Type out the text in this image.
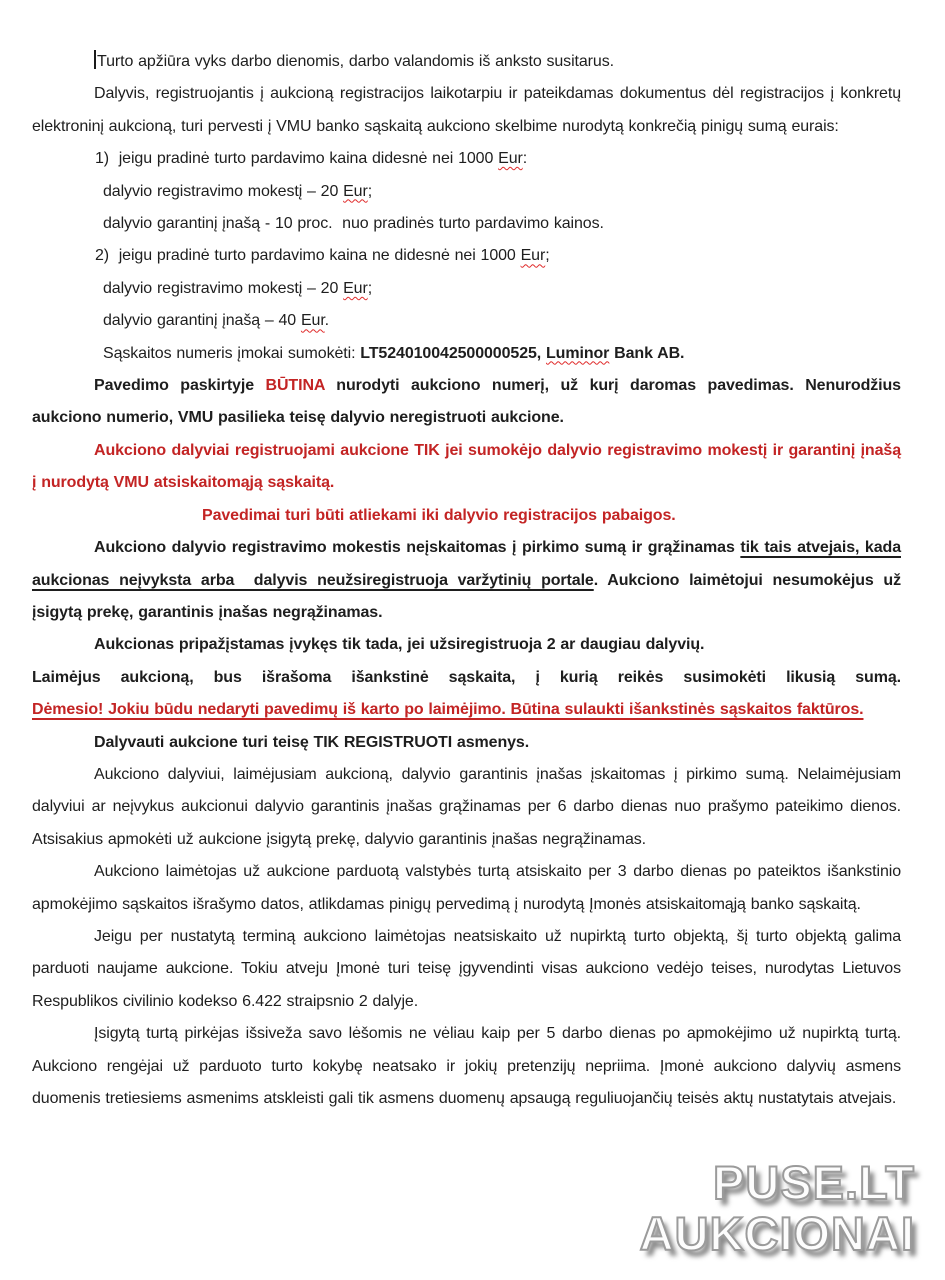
Turto apžiūra vyks darbo dienomis, darbo valandomis iš anksto susitarus.

Dalyvis, registruojantis į aukcioną registracijos laikotarpiu ir pateikdamas dokumentus dėl registracijos į konkretų elektroninį aukcioną, turi pervesti į VMU banko sąskaitą aukciono skelbime nurodytą konkrečią pinigų sumą eurais:

1)  jeigu pradinė turto pardavimo kaina didesnė nei 1000 Eur:

dalyvio registravimo mokestį – 20 Eur;

dalyvio garantinį įnašą - 10 proc.  nuo pradinės turto pardavimo kainos.

2)  jeigu pradinė turto pardavimo kaina ne didesnė nei 1000 Eur;

dalyvio registravimo mokestį – 20 Eur;

dalyvio garantinį įnašą – 40 Eur.

Sąskaitos numeris įmokai sumokėti: LT524010042500000525, Luminor Bank AB.

Pavedimo paskirtyje BŪTINA nurodyti aukciono numerį, už kurį daromas pavedimas. Nenurodžius aukciono numerio, VMU pasilieka teisę dalyvio neregistruoti aukcione.

Aukciono dalyviai registruojami aukcione TIK jei sumokėjo dalyvio registravimo mokestį ir garantinį įnašą į nurodytą VMU atsiskaitomąją sąskaitą.

Pavedimai turi būti atliekami iki dalyvio registracijos pabaigos.

Aukciono dalyvio registravimo mokestis neįskaitomas į pirkimo sumą ir grąžinamas tik tais atvejais, kada aukcionas neįvyksta arba  dalyvis neužsiregistruoja varžytinių portale. Aukciono laimėtojui nesumokėjus už įsigytą prekę, garantinis įnašas negrąžinamas.

Aukcionas pripažįstamas įvykęs tik tada, jei užsiregistruoja 2 ar daugiau dalyvių.

Laimėjus aukcioną, bus išrašoma išankstinė sąskaita, į kurią reikės susimokėti likusią sumą.

Dėmesio! Jokiu būdu nedaryti pavedimų iš karto po laimėjimo. Būtina sulaukti išankstinės sąskaitos faktūros.

Dalyvauti aukcione turi teisę TIK REGISTRUOTI asmenys.

Aukciono dalyviui, laimėjusiam aukcioną, dalyvio garantinis įnašas įskaitomas į pirkimo sumą. Nelaimėjusiam dalyviui ar neįvykus aukcionui dalyvio garantinis įnašas grąžinamas per 6 darbo dienas nuo prašymo pateikimo dienos. Atsisakius apmokėti už aukcione įsigytą prekę, dalyvio garantinis įnašas negrąžinamas.

Aukciono laimėtojas už aukcione parduotą valstybės turtą atsiskaito per 3 darbo dienas po pateiktos išankstinio apmokėjimo sąskaitos išrašymo datos, atlikdamas pinigų pervedimą į nurodytą Įmonės atsiskaitomąją banko sąskaitą.

Jeigu per nustatytą terminą aukciono laimėtojas neatsiskaito už nupirktą turto objektą, šį turto objektą galima parduoti naujame aukcione. Tokiu atveju Įmonė turi teisę įgyvendinti visas aukciono vedėjo teises, nurodytas Lietuvos Respublikos civilinio kodekso 6.422 straipsnio 2 dalyje.

Įsigytą turtą pirkėjas išsiveža savo lėšomis ne vėliau kaip per 5 darbo dienas po apmokėjimo už nupirktą turtą. Aukciono rengėjai už parduoto turto kokybę neatsako ir jokių pretenzijų nepriima. Įmonė aukciono dalyvių asmens duomenis tretiesiems asmenims atskleisti gali tik asmens duomenų apsaugą reguliuojančių teisės aktų nustatytais atvejais.

PUSE.LT
AUKCIONAI
